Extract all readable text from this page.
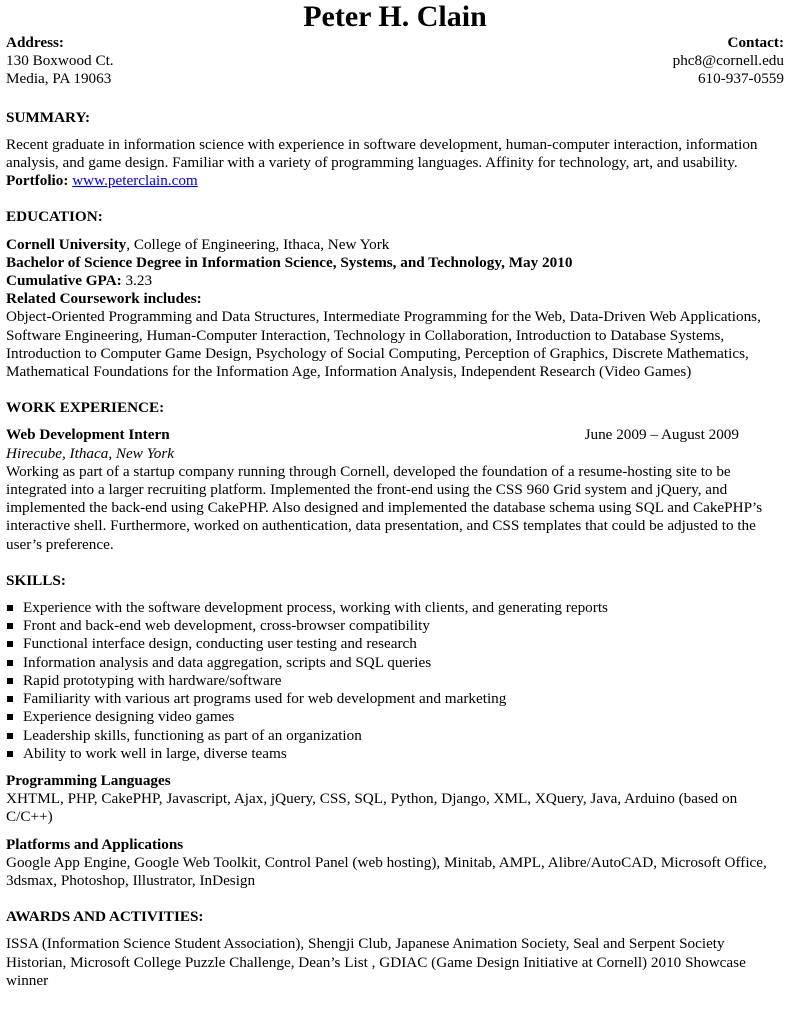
Peter H. Clain

Address:

130 Boxwood Ct.

Media, PA 19063

Contact:

phc8@cornell.edu

610-937-0559

SUMMARY:

Recent graduate in information science with experience in software development, human-computer interaction, information analysis, and game design. Familiar with a variety of programming languages. Affinity for technology, art, and usability.

Portfolio: www.peterclain.com

EDUCATION:

Cornell University, College of Engineering, Ithaca, New York

Bachelor of Science Degree in Information Science, Systems, and Technology, May 2010

Cumulative GPA: 3.23

Related Coursework includes:

Object-Oriented Programming and Data Structures, Intermediate Programming for the Web, Data-Driven Web Applications, Software Engineering, Human-Computer Interaction, Technology in Collaboration, Introduction to Database Systems, Introduction to Computer Game Design, Psychology of Social Computing, Perception of Graphics, Discrete Mathematics, Mathematical Foundations for the Information Age, Information Analysis, Independent Research (Video Games)

WORK EXPERIENCE:
Web Development Intern	June 2009 – August 2009

Hirecube, Ithaca, New York

Working as part of a startup company running through Cornell, developed the foundation of a resume-hosting site to be integrated into a larger recruiting platform. Implemented the front-end using the CSS 960 Grid system and jQuery, and implemented the back-end using CakePHP. Also designed and implemented the database schema using SQL and CakePHP’s interactive shell. Furthermore, worked on authentication, data presentation, and CSS templates that could be adjusted to the user’s preference.

SKILLS:
Experience with the software development process, working with clients, and generating reports
Front and back-end web development, cross-browser compatibility
Functional interface design, conducting user testing and research
Information analysis and data aggregation, scripts and SQL queries
Rapid prototyping with hardware/software
Familiarity with various art programs used for web development and marketing
Experience designing video games
Leadership skills, functioning as part of an organization
Ability to work well in large, diverse teams

Programming Languages

XHTML, PHP, CakePHP, Javascript, Ajax, jQuery, CSS, SQL, Python, Django, XML, XQuery, Java, Arduino (based on C/C++)

Platforms and Applications

Google App Engine, Google Web Toolkit, Control Panel (web hosting), Minitab, AMPL, Alibre/AutoCAD, Microsoft Office, 3dsmax, Photoshop, Illustrator, InDesign

AWARDS AND ACTIVITIES:

ISSA (Information Science Student Association), Shengji Club, Japanese Animation Society, Seal and Serpent Society Historian, Microsoft College Puzzle Challenge, Dean’s List , GDIAC (Game Design Initiative at Cornell) 2010 Showcase winner
